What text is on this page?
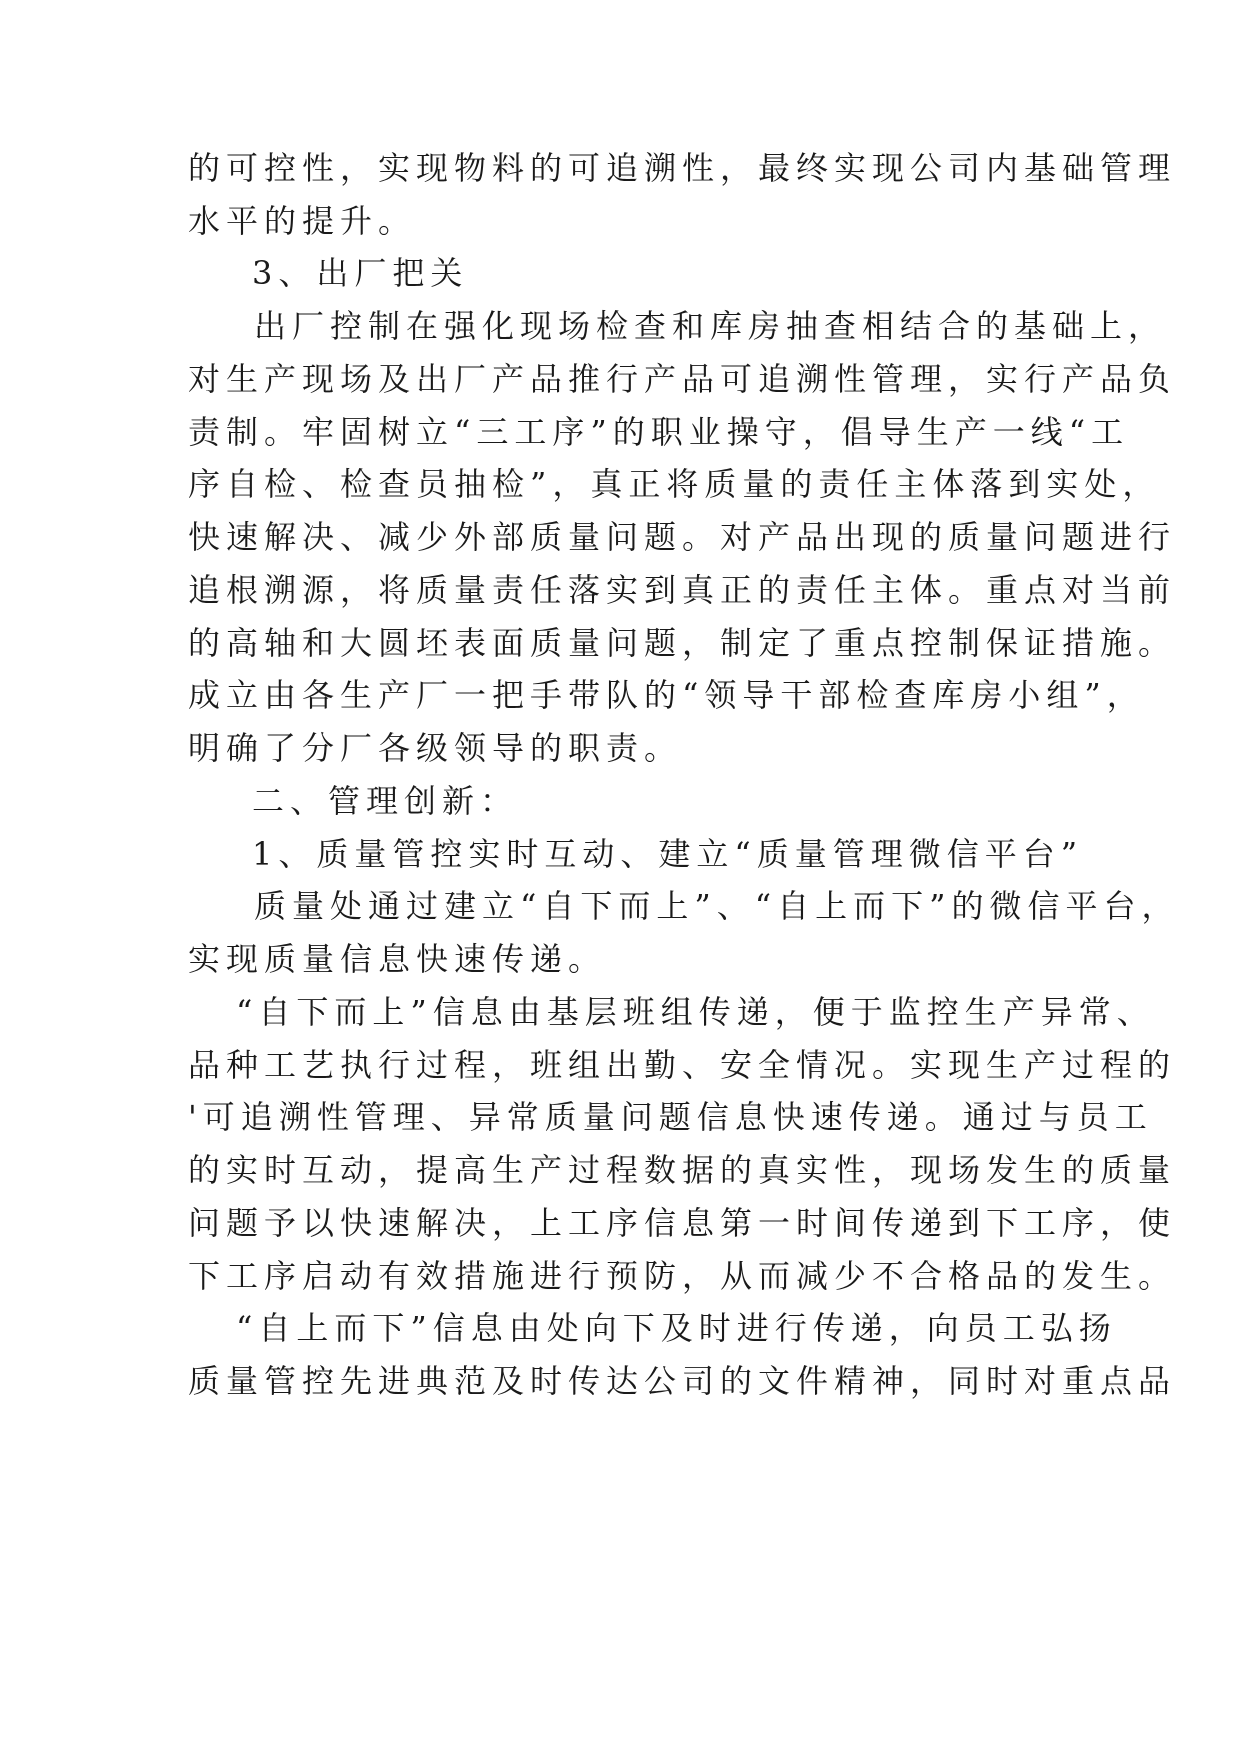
的可控性，实现物料的可追溯性，最终实现公司内基础管理
水平的提升。
3、出厂把关
出厂控制在强化现场检查和库房抽查相结合的基础上，
对生产现场及出厂产品推行产品可追溯性管理，实行产品负
责制。牢固树立“三工序”的职业操守，倡导生产一线“工
序自检、检查员抽检”，真正将质量的责任主体落到实处，
快速解决、减少外部质量问题。对产品出现的质量问题进行
追根溯源，将质量责任落实到真正的责任主体。重点对当前
的高轴和大圆坯表面质量问题，制定了重点控制保证措施。
成立由各生产厂一把手带队的“领导干部检查库房小组”，
明确了分厂各级领导的职责。
二、管理创新：
1、质量管控实时互动、建立“质量管理微信平台”
质量处通过建立“自下而上”、“自上而下”的微信平台，
实现质量信息快速传递。
“自下而上”信息由基层班组传递，便于监控生产异常、
品种工艺执行过程，班组出勤、安全情况。实现生产过程的
'可追溯性管理、异常质量问题信息快速传递。通过与员工
的实时互动，提高生产过程数据的真实性，现场发生的质量
问题予以快速解决，上工序信息第一时间传递到下工序，使
下工序启动有效措施进行预防，从而减少不合格品的发生。
“自上而下”信息由处向下及时进行传递，向员工弘扬
质量管控先进典范及时传达公司的文件精神，同时对重点品
